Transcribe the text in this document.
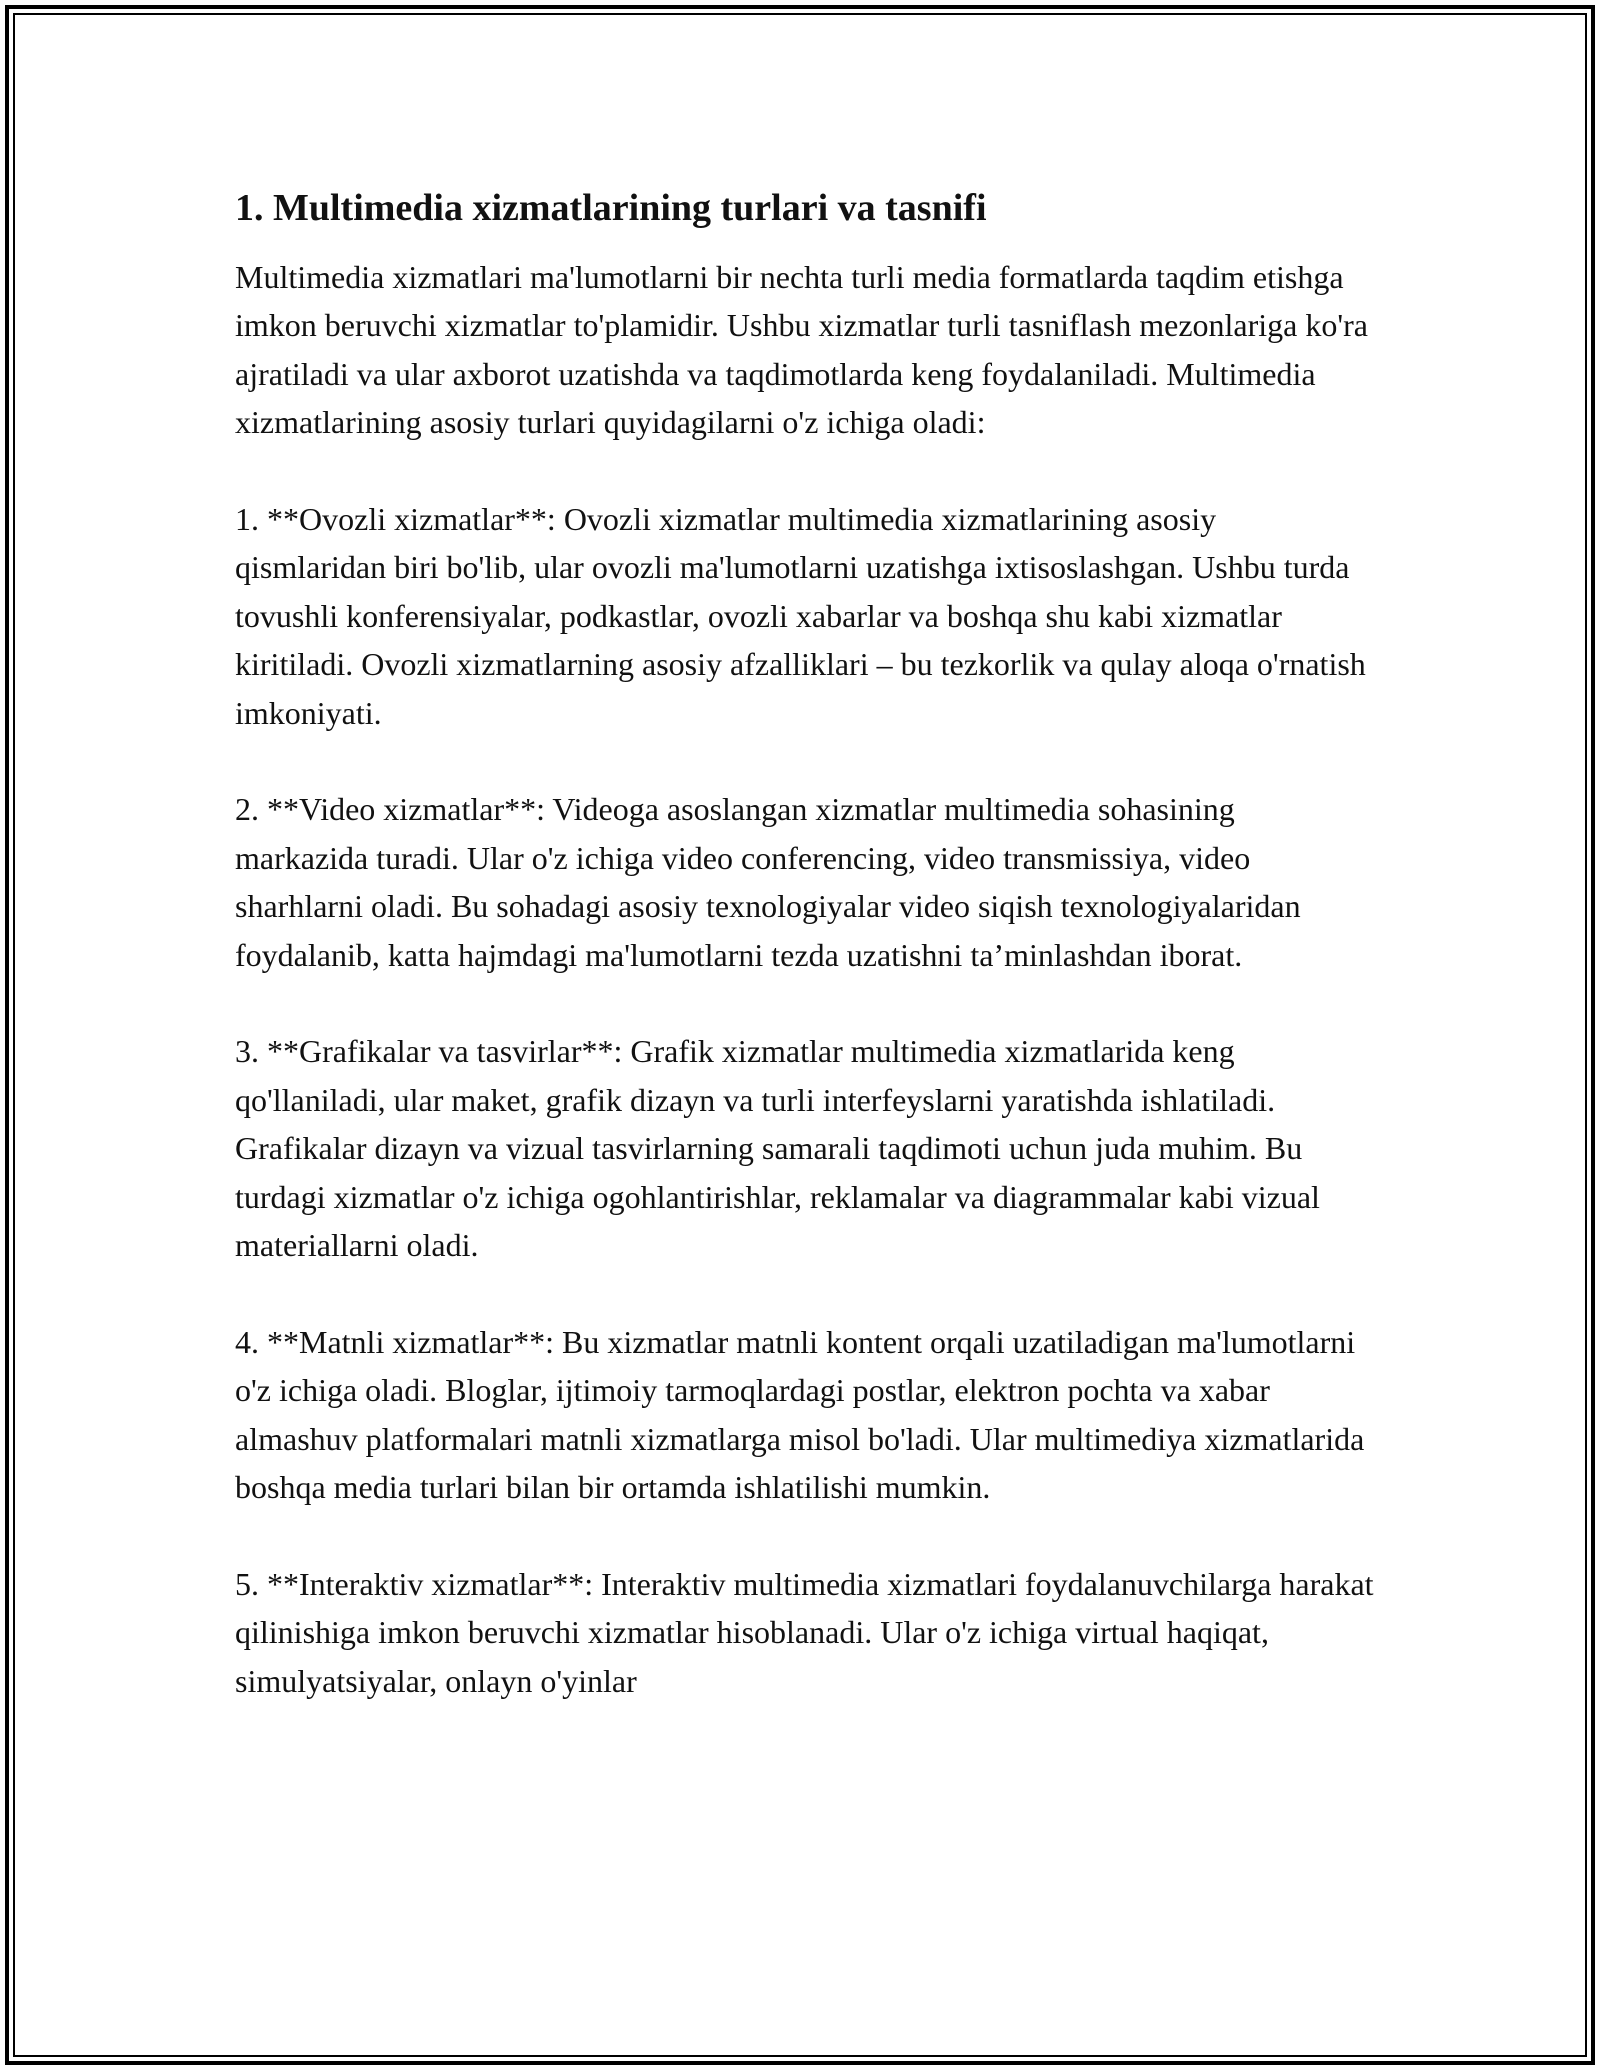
1. Multimedia xizmatlarining turlari va tasnifi

Multimedia xizmatlari ma'lumotlarni bir nechta turli media formatlarda taqdim etishga imkon beruvchi xizmatlar to'plamidir. Ushbu xizmatlar turli tasniflash mezonlariga ko'ra ajratiladi va ular axborot uzatishda va taqdimotlarda keng foydalaniladi. Multimedia xizmatlarining asosiy turlari quyidagilarni o'z ichiga oladi:

1. **Ovozli xizmatlar**: Ovozli xizmatlar multimedia xizmatlarining asosiy qismlaridan biri bo'lib, ular ovozli ma'lumotlarni uzatishga ixtisoslashgan. Ushbu turda tovushli konferensiyalar, podkastlar, ovozli xabarlar va boshqa shu kabi xizmatlar kiritiladi. Ovozli xizmatlarning asosiy afzalliklari – bu tezkorlik va qulay aloqa o'rnatish imkoniyati.

2. **Video xizmatlar**: Videoga asoslangan xizmatlar multimedia sohasining markazida turadi. Ular o'z ichiga video conferencing, video transmissiya, video sharhlarni oladi. Bu sohadagi asosiy texnologiyalar video siqish texnologiyalaridan foydalanib, katta hajmdagi ma'lumotlarni tezda uzatishni ta’minlashdan iborat.

3. **Grafikalar va tasvirlar**: Grafik xizmatlar multimedia xizmatlarida keng qo'llaniladi, ular maket, grafik dizayn va turli interfeyslarni yaratishda ishlatiladi. Grafikalar dizayn va vizual tasvirlarning samarali taqdimoti uchun juda muhim. Bu turdagi xizmatlar o'z ichiga ogohlantirishlar, reklamalar va diagrammalar kabi vizual materiallarni oladi.

4. **Matnli xizmatlar**: Bu xizmatlar matnli kontent orqali uzatiladigan ma'lumotlarni o'z ichiga oladi. Bloglar, ijtimoiy tarmoqlardagi postlar, elektron pochta va xabar almashuv platformalari matnli xizmatlarga misol bo'ladi. Ular multimediya xizmatlarida boshqa media turlari bilan bir ortamda ishlatilishi mumkin.

5. **Interaktiv xizmatlar**: Interaktiv multimedia xizmatlari foydalanuvchilarga harakat qilinishiga imkon beruvchi xizmatlar hisoblanadi. Ular o'z ichiga virtual haqiqat, simulyatsiyalar, onlayn o'yinlar
